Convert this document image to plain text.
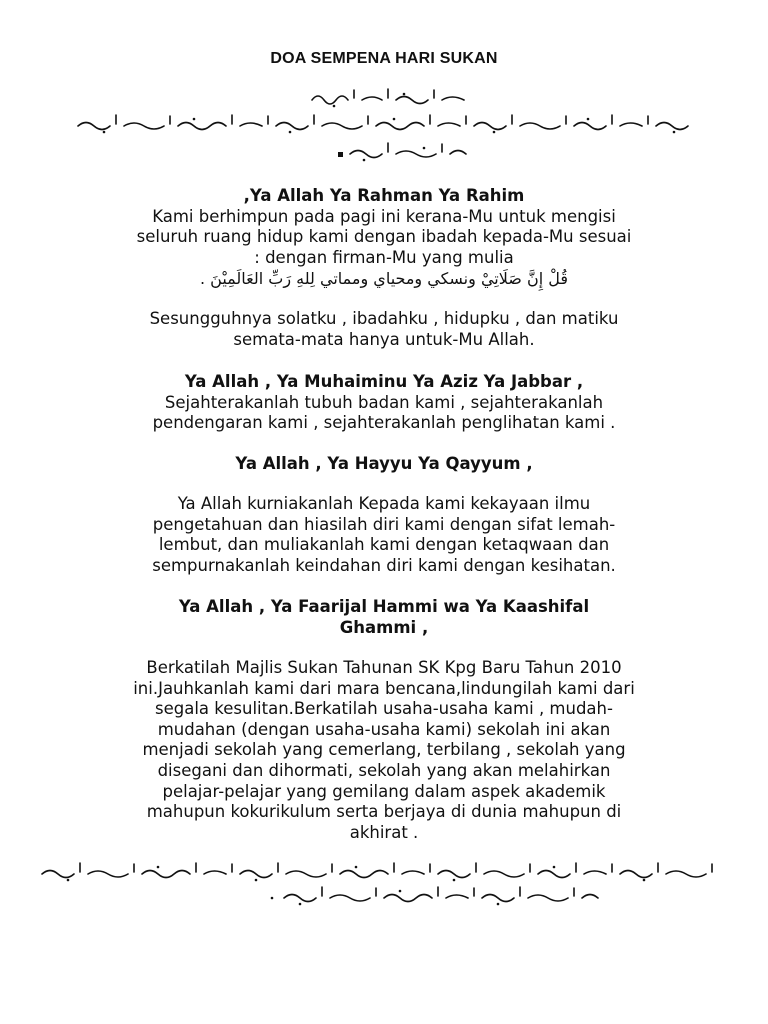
DOA SEMPENA HARI SUKAN

,Ya Allah Ya Rahman Ya Rahim

Kami berhimpun pada pagi ini kerana-Mu untuk mengisi

seluruh ruang hidup kami dengan ibadah kepada-Mu sesuai

: dengan firman-Mu yang mulia

قُلْ إِنَّ صَلَاتِيْ ونسكي ومحياي ومماتي لِلهِ رَبِّ العَالَمِيْنَ .

Sesungguhnya solatku , ibadahku , hidupku , dan matiku

semata-mata hanya untuk-Mu Allah.

Ya Allah , Ya Muhaiminu Ya Aziz Ya Jabbar ,

Sejahterakanlah tubuh badan kami , sejahterakanlah

pendengaran kami , sejahterakanlah penglihatan kami .

Ya Allah , Ya Hayyu Ya Qayyum ,

Ya Allah kurniakanlah Kepada kami kekayaan ilmu

pengetahuan dan hiasilah diri kami dengan sifat lemah-

lembut, dan muliakanlah kami dengan ketaqwaan dan

sempurnakanlah keindahan diri kami dengan kesihatan.

Ya Allah , Ya Faarijal Hammi wa Ya Kaashifal

Ghammi ,

Berkatilah Majlis Sukan Tahunan SK Kpg Baru Tahun 2010

ini.Jauhkanlah kami dari mara bencana,lindungilah kami dari

segala kesulitan.Berkatilah usaha-usaha kami , mudah-

mudahan (dengan usaha-usaha kami) sekolah ini akan

menjadi sekolah yang cemerlang, terbilang , sekolah yang

disegani dan dihormati, sekolah yang akan melahirkan

pelajar-pelajar yang gemilang dalam aspek akademik

mahupun kokurikulum serta berjaya di dunia mahupun di

akhirat .
